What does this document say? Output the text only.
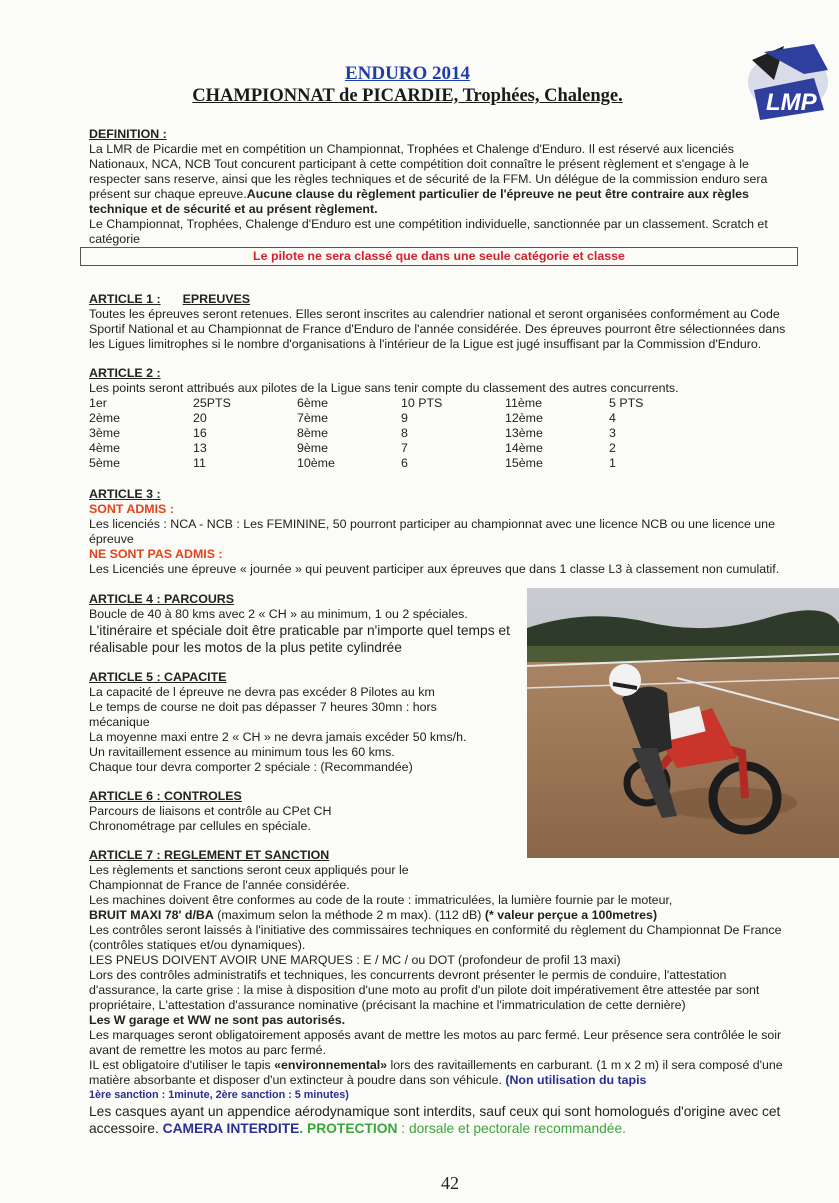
ENDURO 2014
CHAMPIONNAT de PICARDIE, Trophées, Chalenge.	LMP

DEFINITION :

La LMR de Picardie met en compétition un Championnat, Trophées et Chalenge d'Enduro. Il est réservé aux licenciés Nationaux, NCA, NCB Tout concurent participant à cette compétition doit connaître le présent règlement et s'engage à le respecter sans reserve, ainsi que les règles techniques et de sécurité de la FFM. Un délégue de la commission enduro sera présent sur chaque epreuve.Aucune clause du règlement particulier de l'épreuve ne peut être contraire aux règles technique et de sécurité et au présent règlement.

Le Championnat, Trophées, Chalenge d'Enduro est une compétition individuelle, sanctionnée par un classement. Scratch et catégorie

Le pilote ne sera classé que dans une seule catégorie et classe

ARTICLE 1 : EPREUVES

Toutes les épreuves seront retenues. Elles seront inscrites au calendrier national et seront organisées conformément au Code Sportif National et au Championnat de France d'Enduro de l'année considérée. Des épreuves pourront être sélectionnées dans les Ligues limitrophes si le nombre d'organisations à l'intérieur de la Ligue est jugé insuffisant par la Commission d'Enduro.

ARTICLE 2 :

Les points seront attribués aux pilotes de la Ligue sans tenir compte du classement des autres concurrents.

1er	25PTS	6ème	10 PTS	11ème	5 PTS
2ème	20	7ème	9	12ème	4
3ème	16	8ème	8	13ème	3
4ème	13	9ème	7	14ème	2
5ème	11	10ème	6	15ème	1

ARTICLE 3 :

SONT ADMIS :

Les licenciés : NCA - NCB : Les FEMININE, 50 pourront participer au championnat avec une licence NCB ou une licence une épreuve

NE SONT PAS ADMIS :

Les Licenciés une épreuve « journée » qui peuvent participer aux épreuves que dans 1 classe L3 à classement non cumulatif.

ARTICLE 4 : PARCOURS

Boucle de 40 à 80 kms avec 2 « CH » au minimum, 1 ou 2 spéciales.

L'itinéraire et spéciale doit être praticable par n'importe quel temps et réalisable pour les motos de la plus petite cylindrée

ARTICLE 5 : CAPACITE

La capacité de l épreuve ne devra pas excéder 8 Pilotes au km

Le temps de course ne doit pas dépasser 7 heures 30mn : hors mécanique

La moyenne maxi entre 2 « CH » ne devra jamais excéder 50 kms/h.

Un ravitaillement essence au minimum tous les 60 kms.

Chaque tour devra comporter 2 spéciale : (Recommandée)

ARTICLE 6 : CONTROLES

Parcours de liaisons et contrôle au CPet CH

Chronométrage par cellules en spéciale.

ARTICLE 7 : REGLEMENT ET SANCTION

Les règlements et sanctions seront ceux appliqués pour le Championnat de France de l'année considérée.

Les machines doivent être conformes au code de la route : immatriculées, la lumière fournie par le moteur,

BRUIT MAXI 78' d/BA (maximum selon la méthode 2 m max). (112 dB) (* valeur perçue a 100metres)

Les contrôles seront laissés à l'initiative des commissaires techniques en conformité du règlement du Championnat De France (contrôles statiques et/ou dynamiques).

LES PNEUS DOIVENT AVOIR UNE MARQUES : E / MC / ou DOT (profondeur de profil 13 maxi)

Lors des contrôles administratifs et techniques, les concurrents devront présenter le permis de conduire, l'attestation d'assurance, la carte grise : la mise à disposition d'une moto au profit d'un pilote doit impérativement être attestée par sont propriétaire, L'attestation d'assurance nominative (précisant la machine et l'immatriculation de cette dernière)

Les W garage et WW ne sont pas autorisés.

Les marquages seront obligatoirement apposés avant de mettre les motos au parc fermé. Leur présence sera contrôlée le soir avant de remettre les motos au parc fermé.

IL est obligatoire d'utiliser le tapis «environnemental» lors des ravitaillements en carburant. (1 m x 2 m) il sera composé d'une matière absorbante et disposer d'un extincteur à poudre dans son véhicule. (Non utilisation du tapis

1ère sanction : 1minute, 2ère sanction : 5 minutes)

Les casques ayant un appendice aérodynamique sont interdits, sauf ceux qui sont homologués d'origine avec cet accessoire. CAMERA INTERDITE. PROTECTION : dorsale et pectorale recommandée.

42
